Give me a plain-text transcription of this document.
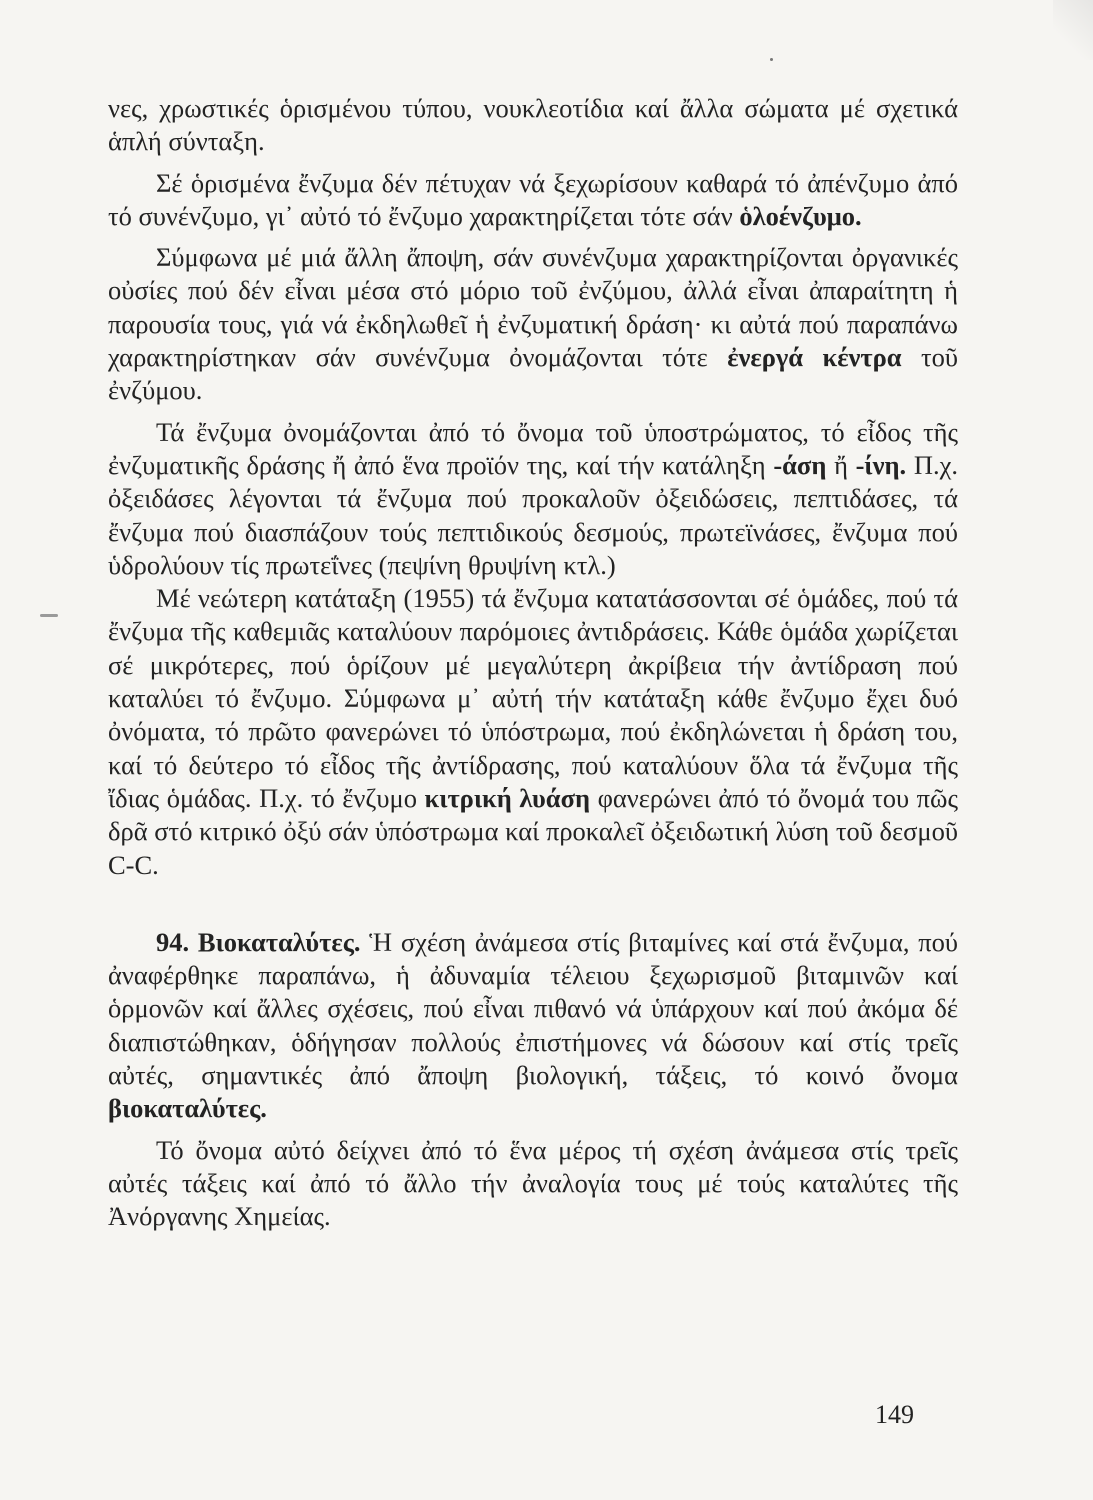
νες, χρωστικές ὁρισμένου τύπου, νουκλεοτίδια καί ἄλλα σώματα μέ σχετικά ἁπλή σύνταξη.

Σέ ὁρισμένα ἔνζυμα δέν πέτυχαν νά ξεχωρίσουν καθαρά τό ἀπένζυμο ἀπό τό συνένζυμο, γι᾽ αὐτό τό ἔνζυμο χαρακτηρίζεται τότε σάν ὁλοένζυμο.

Σύμφωνα μέ μιά ἄλλη ἄποψη, σάν συνένζυμα χαρακτηρίζονται ὀργανικές οὐσίες πού δέν εἶναι μέσα στό μόριο τοῦ ἐνζύμου, ἀλλά εἶναι ἀπαραίτητη ἡ παρουσία τους, γιά νά ἐκδηλωθεῖ ἡ ἐνζυματική δράση· κι αὐτά πού παραπάνω χαρακτηρίστηκαν σάν συνένζυμα ὀνομάζονται τότε ἐνεργά κέντρα τοῦ ἐνζύμου.

Τά ἔνζυμα ὀνομάζονται ἀπό τό ὄνομα τοῦ ὑποστρώματος, τό εἶδος τῆς ἐνζυματικῆς δράσης ἤ ἀπό ἕνα προϊόν της, καί τήν κατάληξη -άση ἤ -ίνη. Π.χ. ὀξειδάσες λέγονται τά ἔνζυμα πού προκαλοῦν ὀξειδώσεις, πεπτιδάσες, τά ἔνζυμα πού διασπάζουν τούς πεπτιδικούς δεσμούς, πρωτεϊνάσες, ἔνζυμα πού ὑδρολύουν τίς πρωτεΐνες (πεψίνη θρυψίνη κτλ.)

Μέ νεώτερη κατάταξη (1955) τά ἔνζυμα κατατάσσονται σέ ὁμάδες, πού τά ἔνζυμα τῆς καθεμιᾶς καταλύουν παρόμοιες ἀντιδράσεις. Κάθε ὁμάδα χωρίζεται σέ μικρότερες, πού ὁρίζουν μέ μεγαλύτερη ἀκρίβεια τήν ἀντίδραση πού καταλύει τό ἔνζυμο. Σύμφωνα μ᾽ αὐτή τήν κατάταξη κάθε ἔνζυμο ἔχει δυό ὀνόματα, τό πρῶτο φανερώνει τό ὑπόστρωμα, πού ἐκδηλώνεται ἡ δράση του, καί τό δεύτερο τό εἶδος τῆς ἀντίδρασης, πού καταλύουν ὅλα τά ἔνζυμα τῆς ἴδιας ὁμάδας. Π.χ. τό ἔνζυμο κιτρική λυάση φανερώνει ἀπό τό ὄνομά του πῶς δρᾶ στό κιτρικό ὀξύ σάν ὑπόστρωμα καί προκαλεῖ ὀξειδωτική λύση τοῦ δεσμοῦ C-C.

94. Βιοκαταλύτες. Ἡ σχέση ἀνάμεσα στίς βιταμίνες καί στά ἔνζυμα, πού ἀναφέρθηκε παραπάνω, ἡ ἀδυναμία τέλειου ξεχωρισμοῦ βιταμινῶν καί ὁρμονῶν καί ἄλλες σχέσεις, πού εἶναι πιθανό νά ὑπάρχουν καί πού ἀκόμα δέ διαπιστώθηκαν, ὁδήγησαν πολλούς ἐπιστήμονες νά δώσουν καί στίς τρεῖς αὐτές, σημαντικές ἀπό ἄποψη βιολογική, τάξεις, τό κοινό ὄνομα βιοκαταλύτες.

Τό ὄνομα αὐτό δείχνει ἀπό τό ἕνα μέρος τή σχέση ἀνάμεσα στίς τρεῖς αὐτές τάξεις καί ἀπό τό ἄλλο τήν ἀναλογία τους μέ τούς καταλύτες τῆς Ἀνόργανης Χημείας.

149
